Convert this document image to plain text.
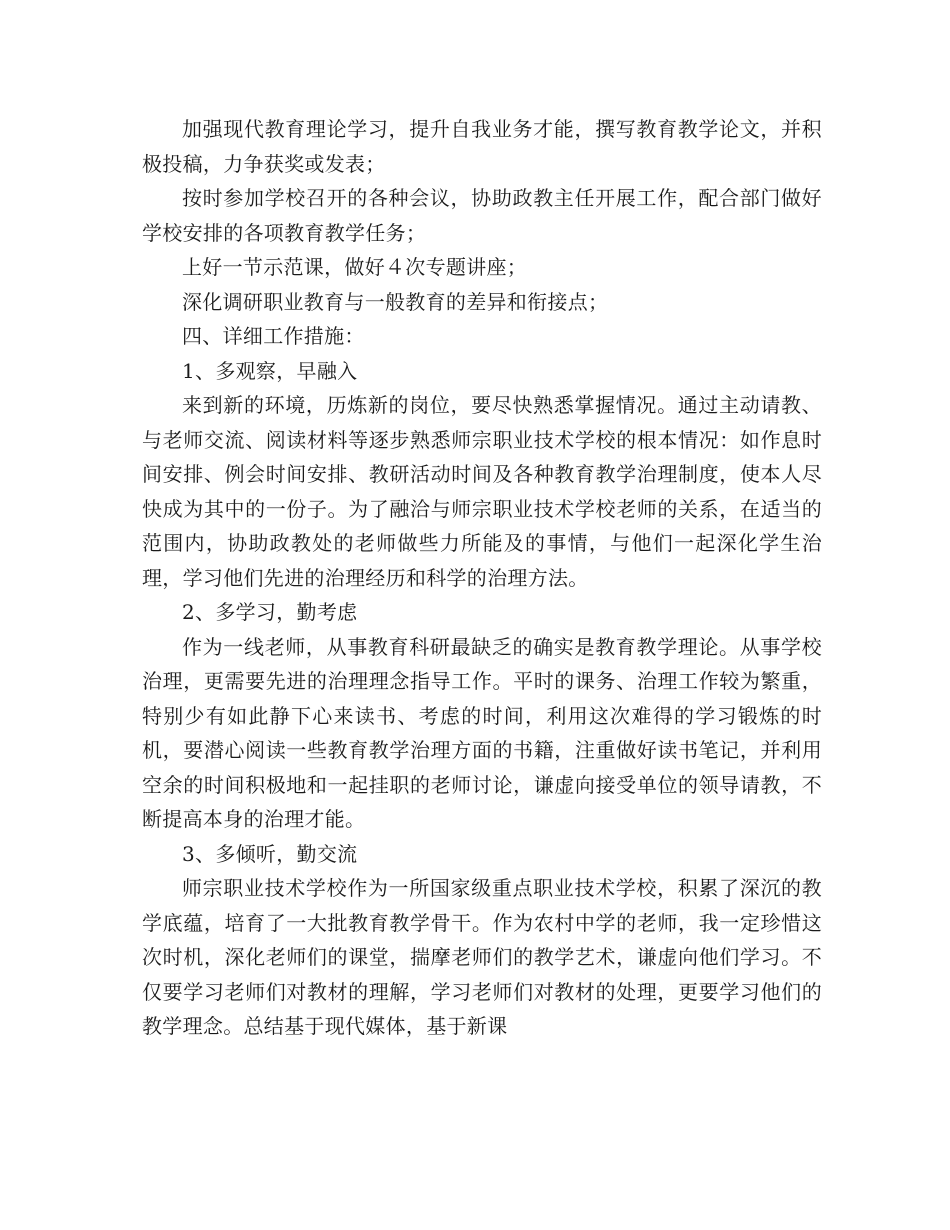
加强现代教育理论学习，提升自我业务才能，撰写教育教学论文，并积极投稿，力争获奖或发表；

按时参加学校召开的各种会议，协助政教主任开展工作，配合部门做好学校安排的各项教育教学任务；

上好一节示范课，做好４次专题讲座；

深化调研职业教育与一般教育的差异和衔接点；

四、详细工作措施：

1、多观察，早融入

来到新的环境，历炼新的岗位，要尽快熟悉掌握情况。通过主动请教、与老师交流、阅读材料等逐步熟悉师宗职业技术学校的根本情况：如作息时间安排、例会时间安排、教研活动时间及各种教育教学治理制度，使本人尽快成为其中的一份子。为了融洽与师宗职业技术学校老师的关系，在适当的范围内，协助政教处的老师做些力所能及的事情，与他们一起深化学生治理，学习他们先进的治理经历和科学的治理方法。

2、多学习，勤考虑

作为一线老师，从事教育科研最缺乏的确实是教育教学理论。从事学校治理，更需要先进的治理理念指导工作。平时的课务、治理工作较为繁重，特别少有如此静下心来读书、考虑的时间，利用这次难得的学习锻炼的时机，要潜心阅读一些教育教学治理方面的书籍，注重做好读书笔记，并利用空余的时间积极地和一起挂职的老师讨论，谦虚向接受单位的领导请教，不断提高本身的治理才能。

3、多倾听，勤交流

师宗职业技术学校作为一所国家级重点职业技术学校，积累了深沉的教学底蕴，培育了一大批教育教学骨干。作为农村中学的老师，我一定珍惜这次时机，深化老师们的课堂，揣摩老师们的教学艺术，谦虚向他们学习。不仅要学习老师们对教材的理解，学习老师们对教材的处理，更要学习他们的教学理念。总结基于现代媒体，基于新课
